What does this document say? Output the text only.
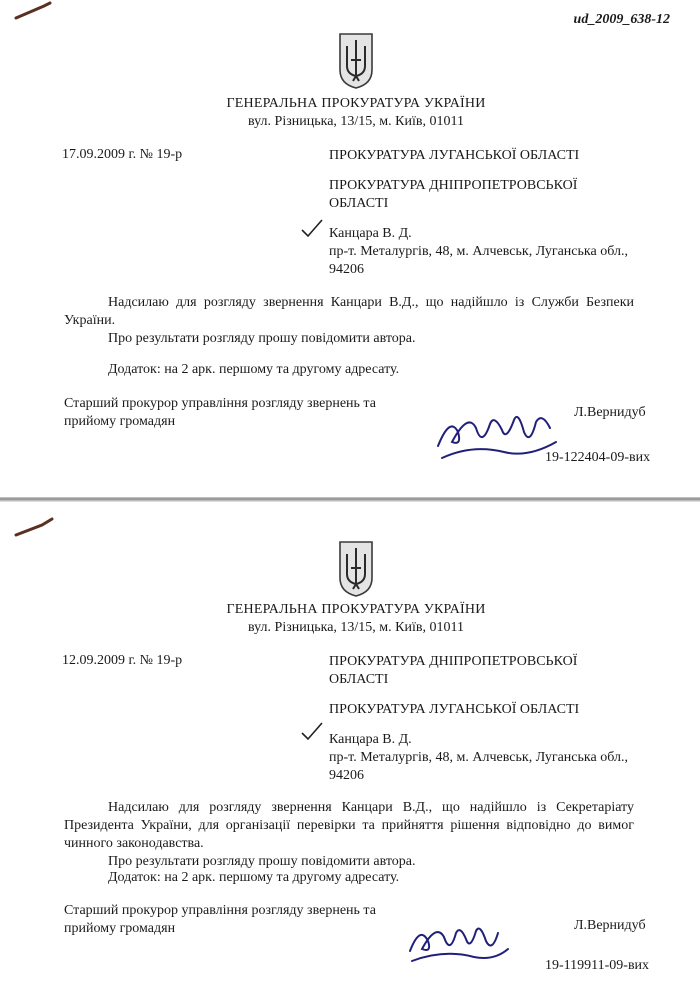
ud_2009_638-12
ГЕНЕРАЛЬНА ПРОКУРАТУРА УКРАЇНИ
вул. Різницька, 13/15, м. Київ, 01011
17.09.2009 г. № 19-р	ПРОКУРАТУРА ЛУГАНСЬКОЇ ОБЛАСТІ
ПРОКУРАТУРА ДНІПРОПЕТРОВСЬКОЇ
ОБЛАСТІ
Канцара В. Д.
пр-т. Металургів, 48, м. Алчевськ, Луганська обл.,
94206
Надсилаю для розгляду звернення Канцари В.Д., що надійшло із Служби Безпеки України.
Про результати розгляду прошу повідомити автора.
Додаток: на 2 арк. першому та другому адресату.
Старший прокурор управління розгляду звернень та
прийому громадян
Л.Вернидуб
19-122404-09-вих
ГЕНЕРАЛЬНА ПРОКУРАТУРА УКРАЇНИ
вул. Різницька, 13/15, м. Київ, 01011
12.09.2009 г. № 19-р	ПРОКУРАТУРА ДНІПРОПЕТРОВСЬКОЇ
ОБЛАСТІ
ПРОКУРАТУРА ЛУГАНСЬКОЇ ОБЛАСТІ
Канцара В. Д.
пр-т. Металургів, 48, м. Алчевськ, Луганська обл.,
94206
Надсилаю для розгляду звернення Канцари В.Д., що надійшло із Секретаріату Президента України, для організації перевірки та прийняття рішення відповідно до вимог чинного законодавства.
Про результати розгляду прошу повідомити автора.
Додаток: на 2 арк. першому та другому адресату.
Старший прокурор управління розгляду звернень та
прийому громадян	Л.Вернидуб
19-119911-09-вих
